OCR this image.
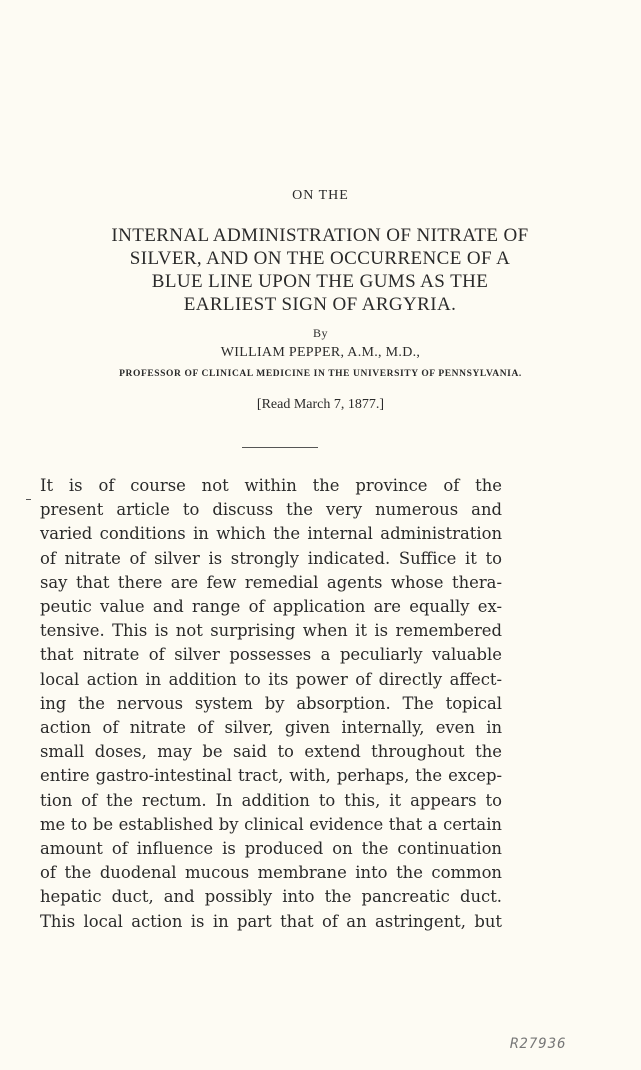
ON THE
INTERNAL ADMINISTRATION OF NITRATE OF
SILVER, AND ON THE OCCURRENCE OF A
BLUE LINE UPON THE GUMS AS THE
EARLIEST SIGN OF ARGYRIA.
By
WILLIAM PEPPER, A.M., M.D.,
PROFESSOR OF CLINICAL MEDICINE IN THE UNIVERSITY OF PENNSYLVANIA.
[Read March 7, 1877.]
It is of course not within the province of the
present article to discuss the very numerous and
varied conditions in which the internal administration
of nitrate of silver is strongly indicated. Suffice it to
say that there are few remedial agents whose thera-
peutic value and range of application are equally ex-
tensive. This is not surprising when it is remembered
that nitrate of silver possesses a peculiarly valuable
local action in addition to its power of directly affect-
ing the nervous system by absorption. The topical
action of nitrate of silver, given internally, even in
small doses, may be said to extend throughout the
entire gastro-intestinal tract, with, perhaps, the excep-
tion of the rectum. In addition to this, it appears to
me to be established by clinical evidence that a certain
amount of influence is produced on the continuation
of the duodenal mucous membrane into the common
hepatic duct, and possibly into the pancreatic duct.
This local action is in part that of an astringent, but
R27936
